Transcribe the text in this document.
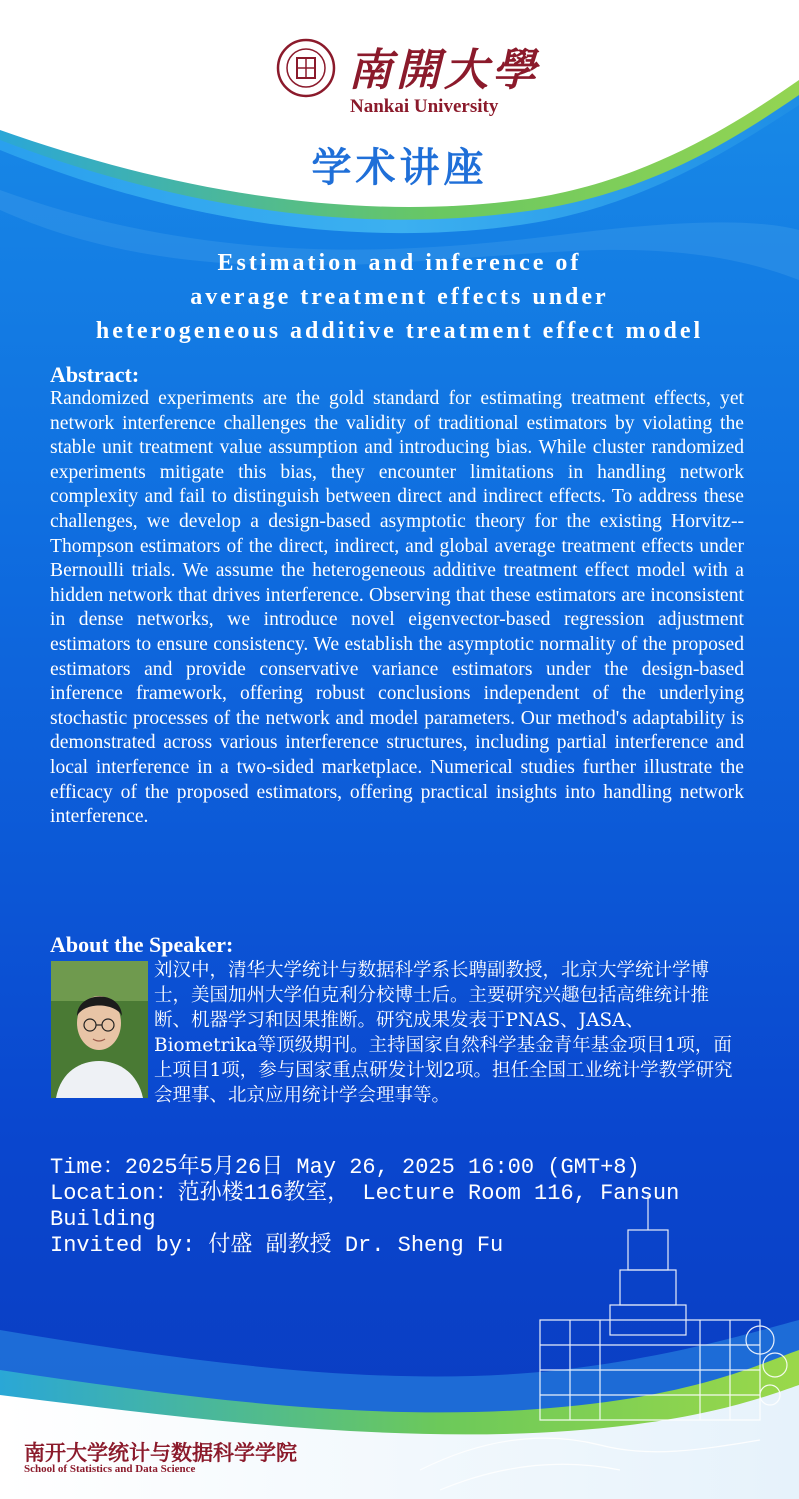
南開大學
Nankai University
学术讲座
Estimation and inference of
average treatment effects under
heterogeneous additive treatment effect model
Abstract:
Randomized experiments are the gold standard for estimating treatment effects, yet network interference challenges the validity of traditional estimators by violating the stable unit treatment value assumption and introducing bias. While cluster randomized experiments mitigate this bias, they encounter limitations in handling network complexity and fail to distinguish between direct and indirect effects. To address these challenges, we develop a design-based asymptotic theory for the existing Horvitz--Thompson estimators of the direct, indirect, and global average treatment effects under Bernoulli trials. We assume the heterogeneous additive treatment effect model with a hidden network that drives interference. Observing that these estimators are inconsistent in dense networks, we introduce novel eigenvector-based regression adjustment estimators to ensure consistency. We establish the asymptotic normality of the proposed estimators and provide conservative variance estimators under the design-based inference framework, offering robust conclusions independent of the underlying stochastic processes of the network and model parameters. Our method's adaptability is demonstrated across various interference structures, including partial interference and local interference in a two-sided marketplace. Numerical studies further illustrate the efficacy of the proposed estimators, offering practical insights into handling network interference.
About the Speaker:
刘汉中，清华大学统计与数据科学系长聘副教授，北京大学统计学博士，美国加州大学伯克利分校博士后。主要研究兴趣包括高维统计推断、机器学习和因果推断。研究成果发表于PNAS、JASA、Biometrika等顶级期刊。主持国家自然科学基金青年基金项目1项，面上项目1项，参与国家重点研发计划2项。担任全国工业统计学教学研究会理事、北京应用统计学会理事等。
Time：2025年5月26日 May 26, 2025 16:00 (GMT+8)
Location：范孙楼116教室， Lecture Room 116, Fansun
Building
Invited by: 付盛 副教授 Dr. Sheng Fu
南开大学统计与数据科学学院
School of Statistics and Data Science
